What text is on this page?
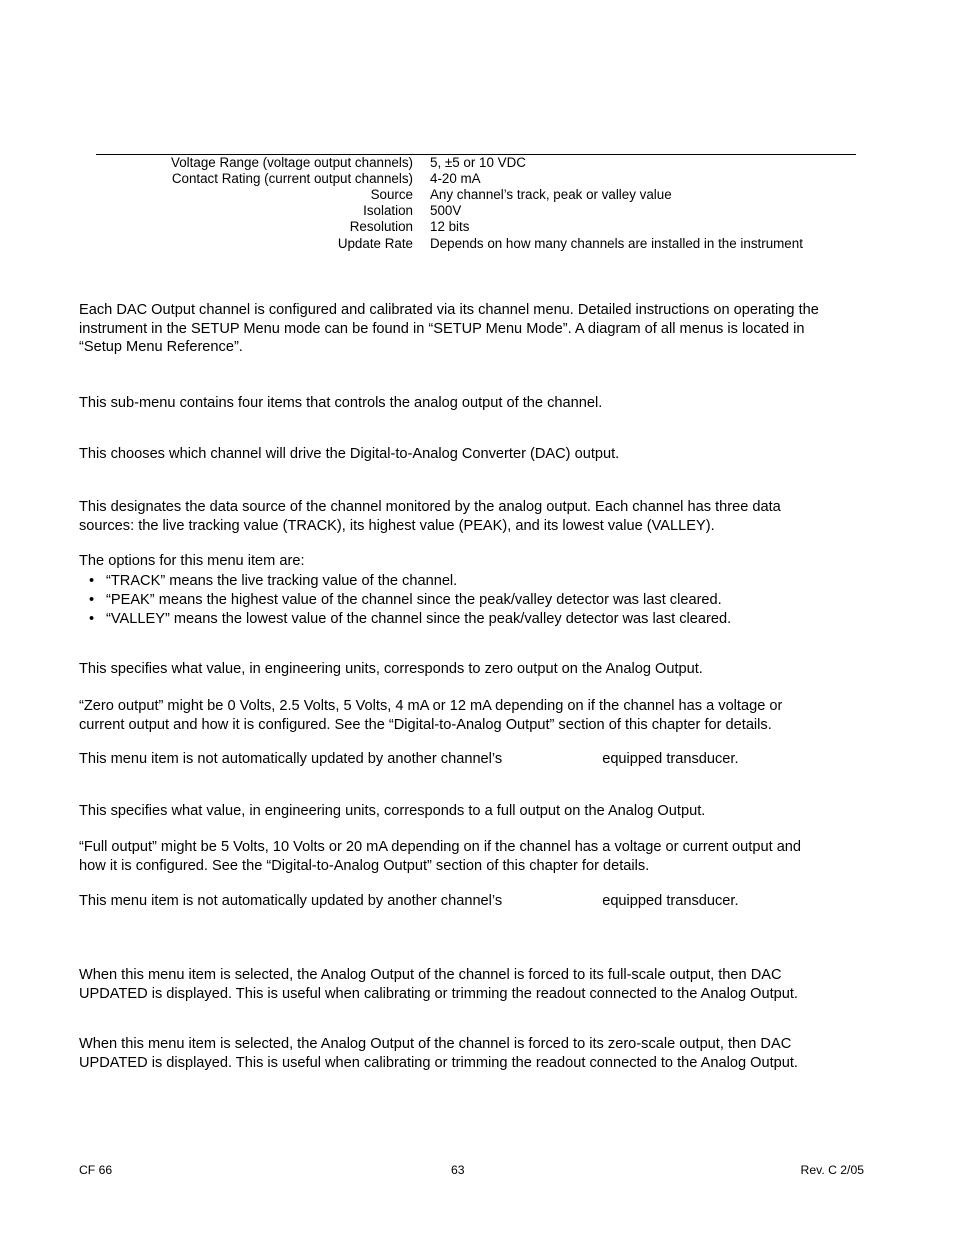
Voltage Range (voltage output channels) 5, ±5 or 10 VDC
Contact Rating (current output channels) 4-20 mA
Source Any channel’s track, peak or valley value
Isolation 500V
Resolution 12 bits
Update Rate Depends on how many channels are installed in the instrument
Each DAC Output channel is configured and calibrated via its channel menu. Detailed instructions on operating the
instrument in the SETUP Menu mode can be found in “SETUP Menu Mode”. A diagram of all menus is located in
“Setup Menu Reference”.
This sub-menu contains four items that controls the analog output of the channel.
This chooses which channel will drive the Digital-to-Analog Converter (DAC) output.
This designates the data source of the channel monitored by the analog output. Each channel has three data
sources: the live tracking value (TRACK), its highest value (PEAK), and its lowest value (VALLEY).
The options for this menu item are:
• “TRACK” means the live tracking value of the channel.
• “PEAK” means the highest value of the channel since the peak/valley detector was last cleared.
• “VALLEY” means the lowest value of the channel since the peak/valley detector was last cleared.
This specifies what value, in engineering units, corresponds to zero output on the Analog Output.
“Zero output” might be 0 Volts, 2.5 Volts, 5 Volts, 4 mA or 12 mA depending on if the channel has a voltage or
current output and how it is configured. See the “Digital-to-Analog Output” section of this chapter for details.
This menu item is not automatically updated by another channel’s	equipped transducer.
This specifies what value, in engineering units, corresponds to a full output on the Analog Output.
“Full output” might be 5 Volts, 10 Volts or 20 mA depending on if the channel has a voltage or current output and
how it is configured. See the “Digital-to-Analog Output” section of this chapter for details.
This menu item is not automatically updated by another channel’s	equipped transducer.
When this menu item is selected, the Analog Output of the channel is forced to its full-scale output, then DAC
UPDATED is displayed. This is useful when calibrating or trimming the readout connected to the Analog Output.
When this menu item is selected, the Analog Output of the channel is forced to its zero-scale output, then DAC
UPDATED is displayed. This is useful when calibrating or trimming the readout connected to the Analog Output.
CF 66	63	Rev. C 2/05
